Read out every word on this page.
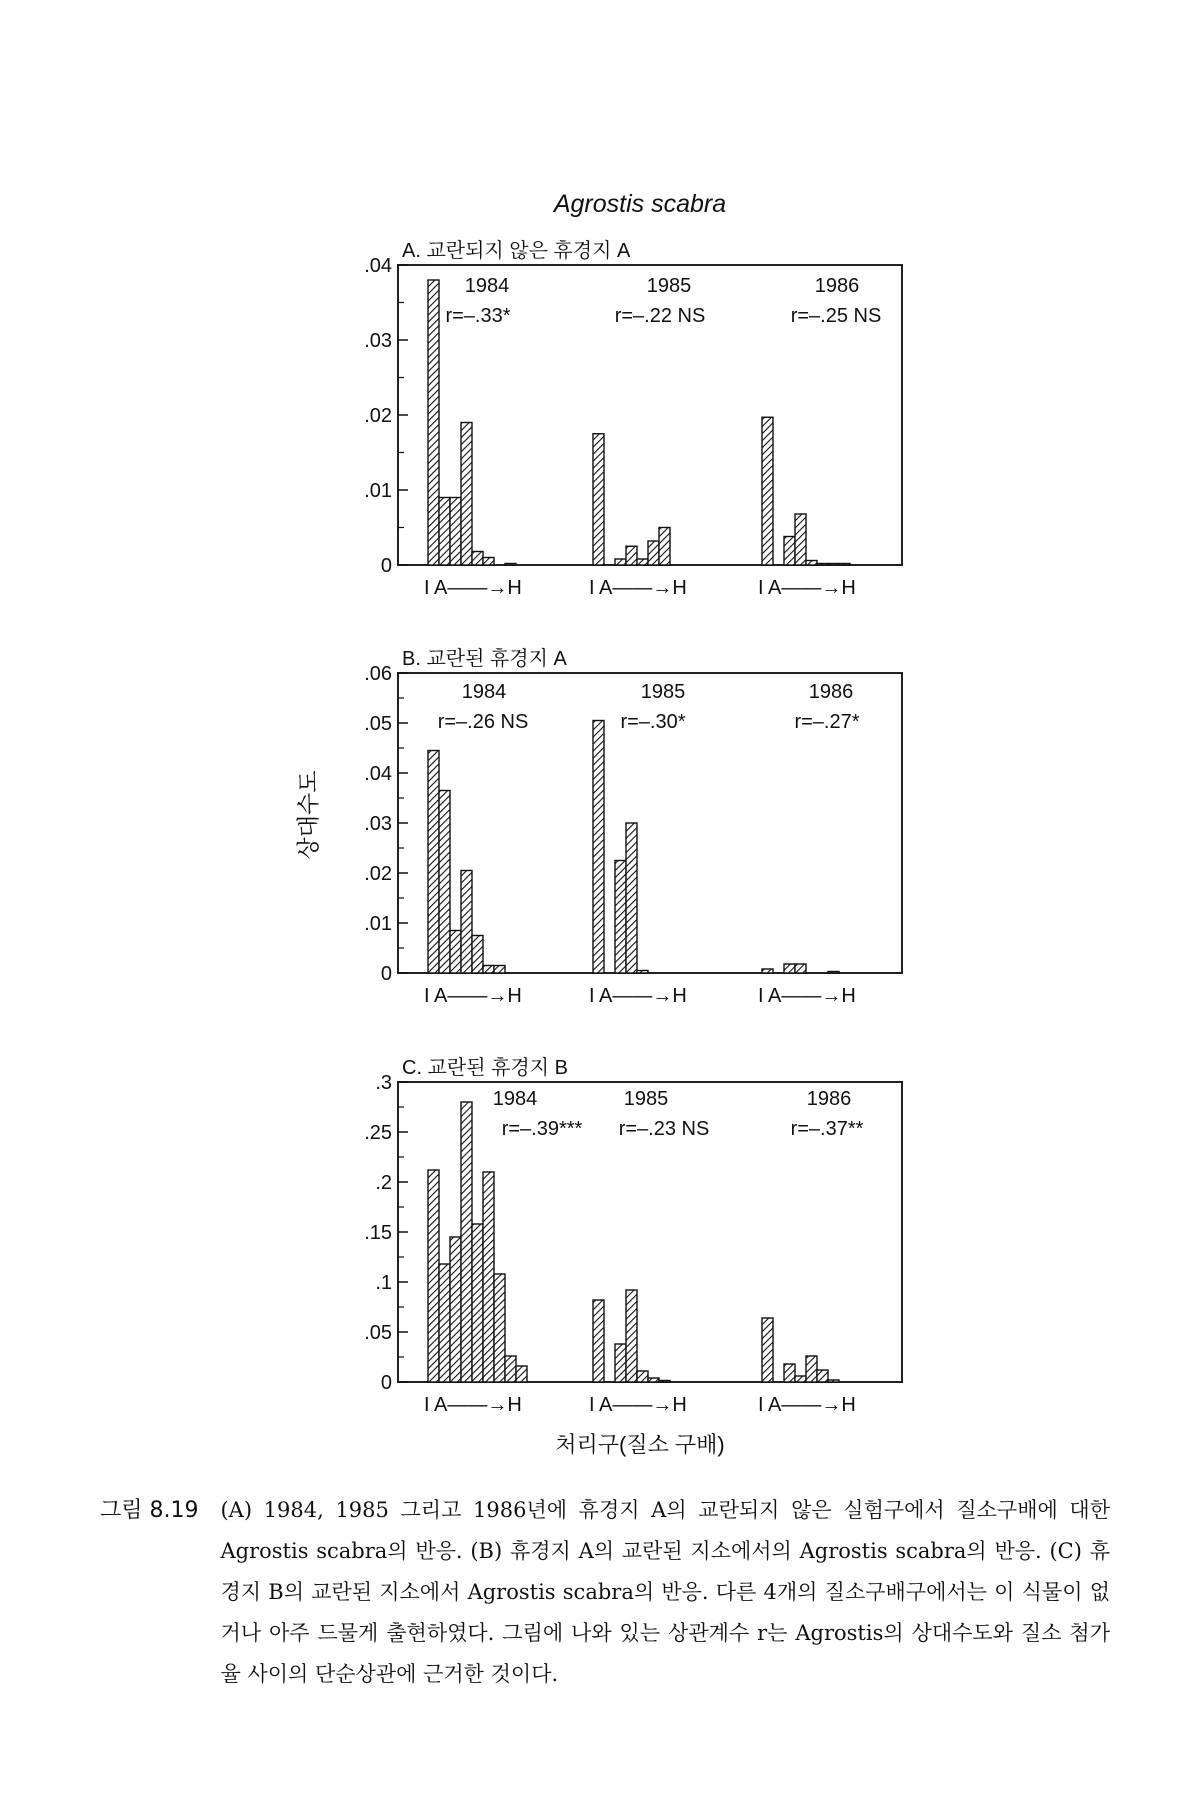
Agrostis scabra
상대수도
A. 교란되지 않은 휴경지 A
.04
.03
.02
.01
0
1984
r=–.33*
I A——→H
1985
r=–.22 NS
I A——→H
1986
r=–.25 NS
I A——→H
B. 교란된 휴경지 A
.06
.05
.04
.03
.02
.01
0
1984
r=–.26 NS
I A——→H
1985
r=–.30*
I A——→H
1986
r=–.27*
I A——→H
C. 교란된 휴경지 B
.3
.25
.2
.15
.1
.05
0
1984
r=–.39***
I A——→H
1985
r=–.23 NS
I A——→H
1986
r=–.37**
I A——→H
처리구(질소 구배)
그림 8.19 (A) 1984, 1985 그리고 1986년에 휴경지 A의 교란되지 않은 실험구에서 질소구배에 대한 Agrostis scabra의 반응. (B) 휴경지 A의 교란된 지소에서의 Agrostis scabra의 반응. (C) 휴경지 B의 교란된 지소에서 Agrostis scabra의 반응. 다른 4개의 질소구배구에서는 이 식물이 없거나 아주 드물게 출현하였다. 그림에 나와 있는 상관계수 r는 Agrostis의 상대수도와 질소 첨가율 사이의 단순상관에 근거한 것이다.
